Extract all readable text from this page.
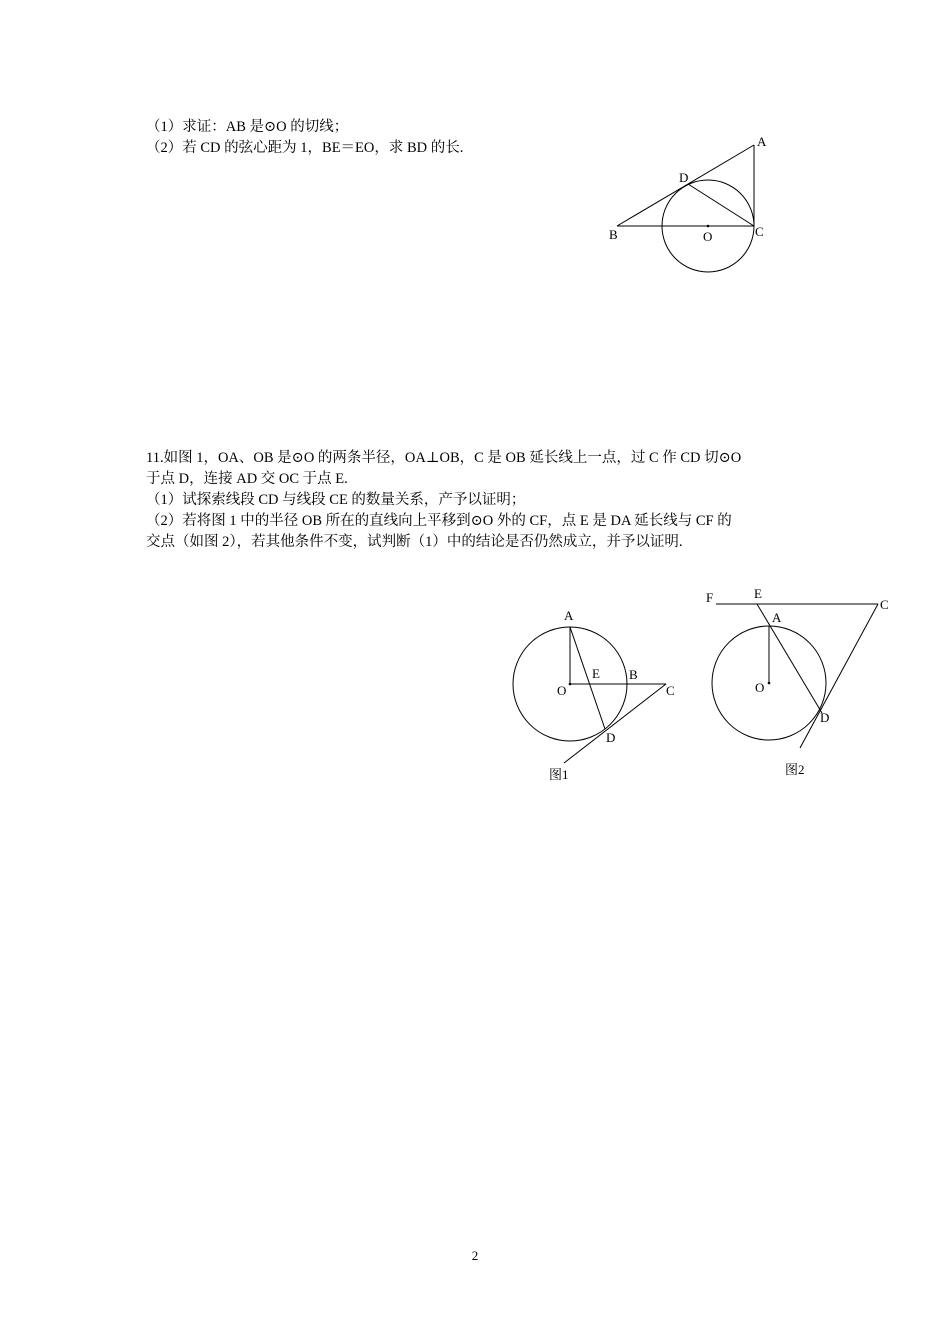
（1）求证：AB 是⊙O 的切线；
（2）若 CD 的弦心距为 1，BE＝EO，求 BD 的长.	A
D
B	O	C
11.如图 1，OA、OB 是⊙O 的两条半径，OA⊥OB，C 是 OB 延长线上一点，过 C 作 CD 切⊙O
于点 D，连接 AD 交 OC 于点 E.
（1）试探索线段 CD 与线段 CE 的数量关系，产予以证明；
（2）若将图 1 中的半径 OB 所在的直线向上平移到⊙O 外的 CF，点 E 是 DA 延长线与 CF 的
交点（如图 2），若其他条件不变，试判断（1）中的结论是否仍然成立，并予以证明.
A
E B
O	C
D
图1
F	E
C
A
O
D
图2
2
